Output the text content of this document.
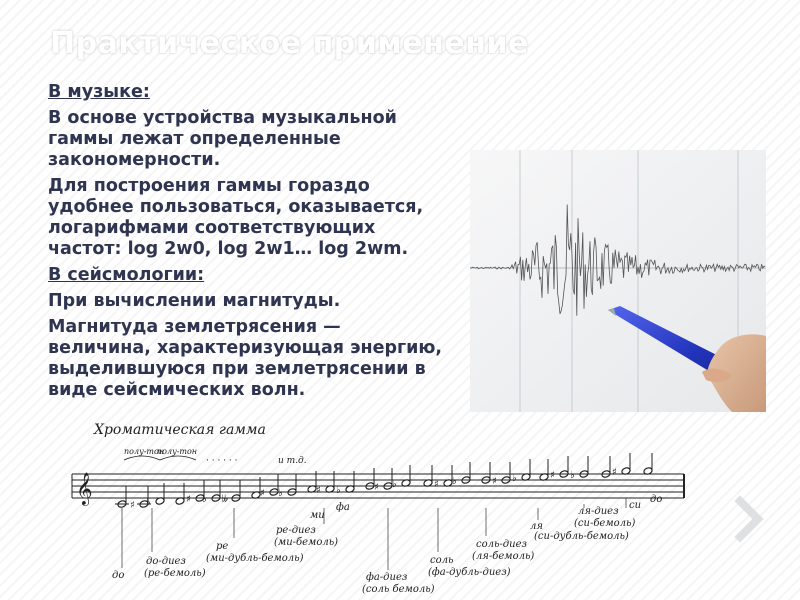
Практическое применение

В музыке:

В основе устройства музыкальной гаммы лежат определенные закономерности.

Для построения гаммы гораздо удобнее пользоваться, оказывается, логарифмами соответствующих частот: log 2w0, log 2w1… log 2wm.

В сейсмологии:

При вычислении магнитуды.

Магнитуда землетрясения — величина, характеризующая энергию, выделившуюся при землетрясении в виде сейсмических волн.

Хроматическая гамма
полу-тон
полу-тон
· · · · · ·	и т.д.
𝄞
♯ ♭	♯ ♭ 𝄫
♯ ♭	♯ ♭	♯ ♭	♯ ♭	♯ ♭	♯ ♭	♯
до
до-диез
(ре-бемоль)
ре
(ми-дубль-бемоль)
ми
фа
ре-диез
(ми-бемоль)
фа-диез
(соль бемоль)
соль
(фа-дубль-диез)
соль-диез
(ля-бемоль)
ля
(си-дубль-бемоль)
ля-диез
(си-бемоль)
си
до
